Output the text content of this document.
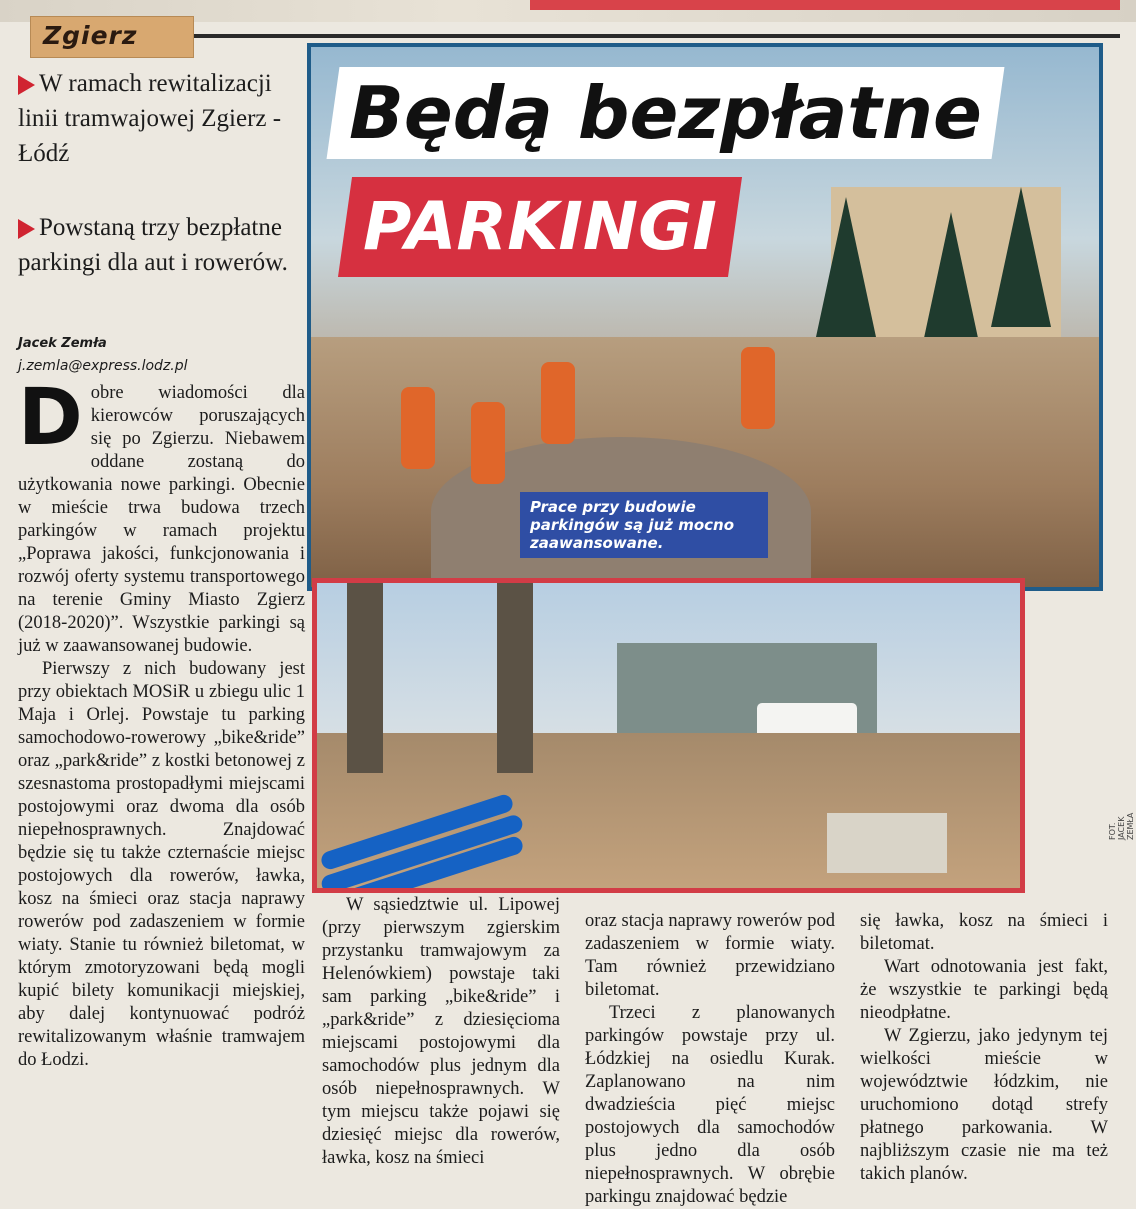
Zgierz
W ramach rewitalizacji linii tramwajowej Zgierz - Łódź
Powstaną trzy bezpłatne parkingi dla aut i rowerów.
Jacek Zemła
j.zemla@express.lodz.pl
Dobre wiadomości dla kierowców poruszających się po Zgierzu. Niebawem oddane zostaną do użytkowania nowe parkingi. Obecnie w mieście trwa budowa trzech parkingów w ramach projektu „Poprawa jakości, funkcjonowania i rozwój oferty systemu transportowego na terenie Gminy Miasto Zgierz (2018-2020)”. Wszystkie parkingi są już w zaawansowanej budowie.
Pierwszy z nich budowany jest przy obiektach MOSiR u zbiegu ulic 1 Maja i Orlej. Powstaje tu parking samochodowo-rowerowy „bike&ride” oraz „park&ride” z kostki betonowej z szesnastoma prostopadłymi miejscami postojowymi oraz dwoma dla osób niepełnosprawnych. Znajdować będzie się tu także czternaście miejsc postojowych dla rowerów, ławka, kosz na śmieci oraz stacja naprawy rowerów pod zadaszeniem w formie wiaty. Stanie tu również biletomat, w którym zmotoryzowani będą mogli kupić bilety komunikacji miejskiej, aby dalej kontynuować podróż rewitalizowanym właśnie tramwajem do Łodzi.
Będą bezpłatne
PARKINGI
Prace przy budowie parkingów są już mocno zaawansowane.
FOT. JACEK ZEMŁA
W sąsiedztwie ul. Lipowej (przy pierwszym zgierskim przystanku tramwajowym za Helenówkiem) powstaje taki sam parking „bike&ride” i „park&ride” z dziesięcioma miejscami postojowymi dla samochodów plus jednym dla osób niepełnosprawnych. W tym miejscu także pojawi się dziesięć miejsc dla rowerów, ławka, kosz na śmieci
oraz stacja naprawy rowerów pod zadaszeniem w formie wiaty. Tam również przewidziano biletomat.
Trzeci z planowanych parkingów powstaje przy ul. Łódzkiej na osiedlu Kurak. Zaplanowano na nim dwadzieścia pięć miejsc postojowych dla samochodów plus jedno dla osób niepełnosprawnych. W obrębie parkingu znajdować będzie
się ławka, kosz na śmieci i biletomat.
Wart odnotowania jest fakt, że wszystkie te parkingi będą nieodpłatne.
W Zgierzu, jako jedynym tej wielkości mieście w województwie łódzkim, nie uruchomiono dotąd strefy płatnego parkowania. W najbliższym czasie nie ma też takich planów.
